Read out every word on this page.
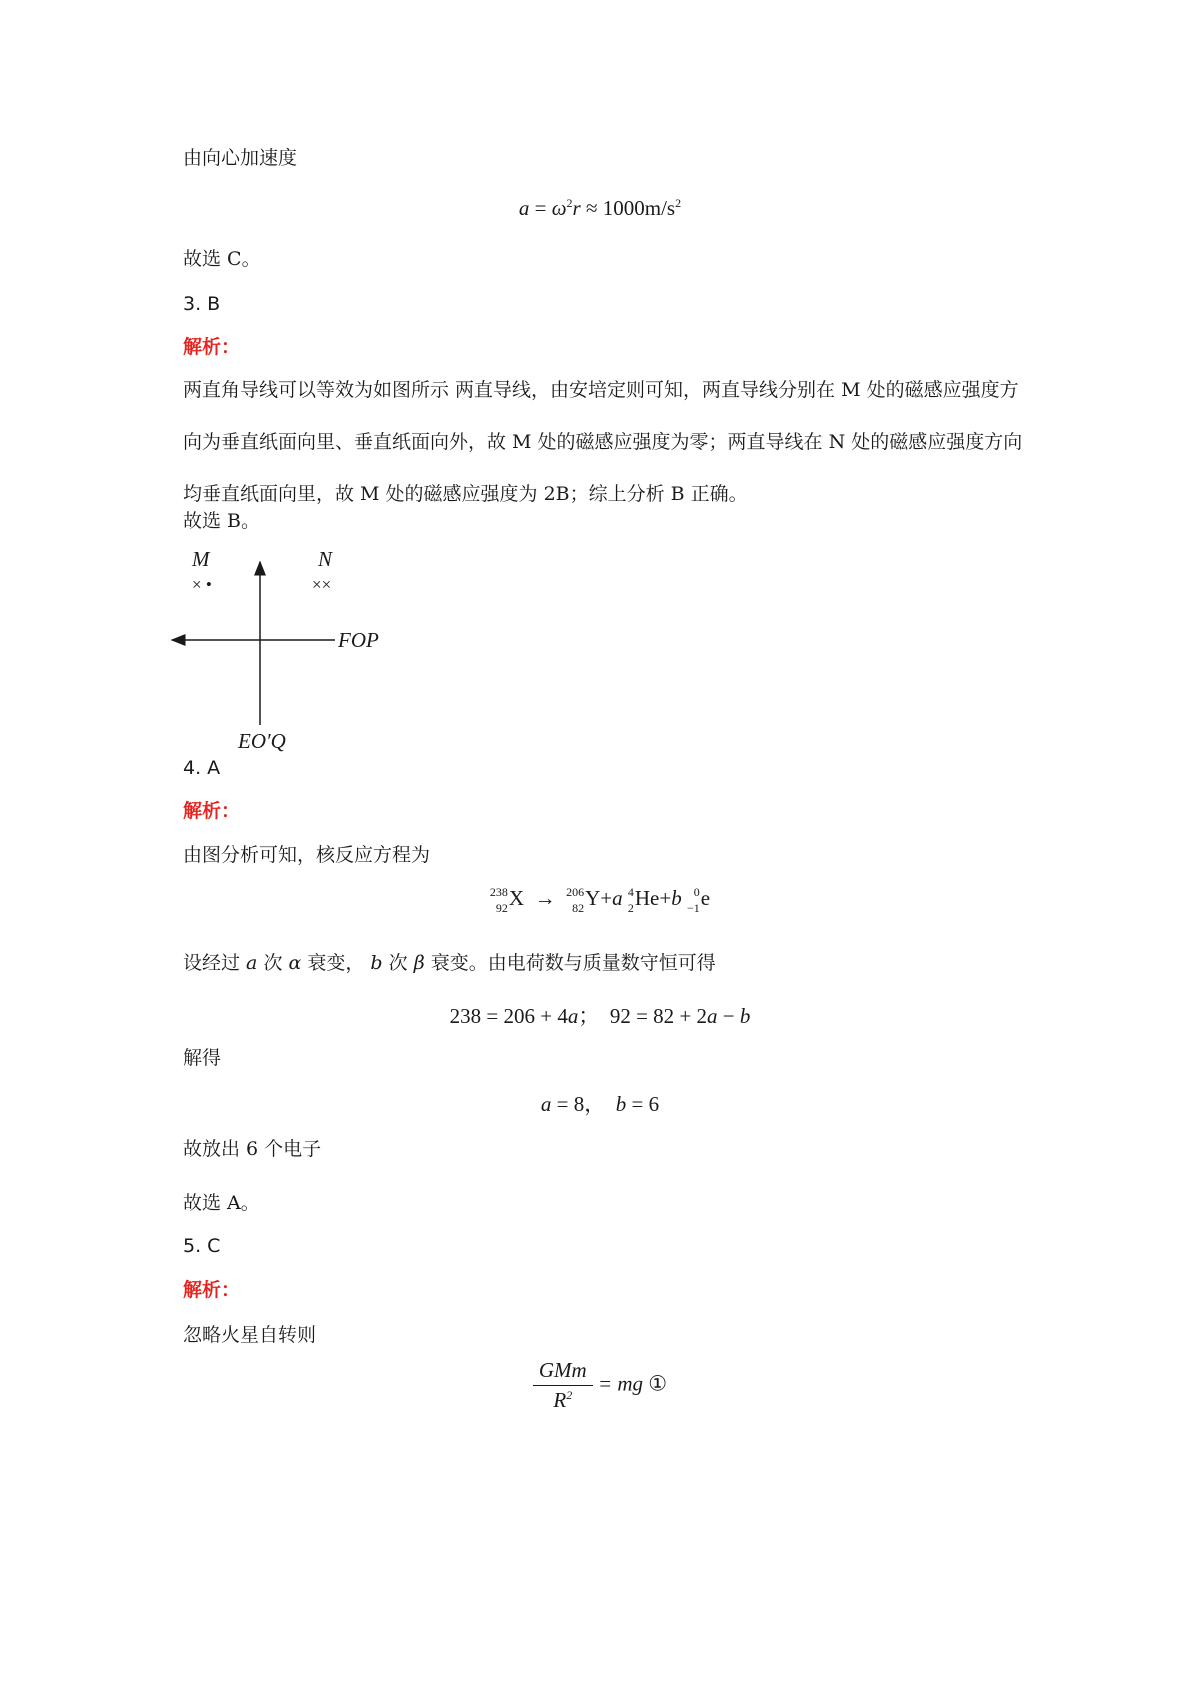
由向心加速度
$a = \omega^2r \approx 1000m/s^2$
故选 C。
3. B
解析：
两直角导线可以等效为如图所示 两直导线，由安培定则可知，两直导线分别在 M 处的磁感应强度方向为垂直纸面向里、垂直纸面向外，故 M 处的磁感应强度为零；两直导线在 N 处的磁感应强度方向均垂直纸面向里，故 M 处的磁感应强度为 2B；综上分析 B 正确。
故选 B。
M	N
× •	××
FOP
EO′Q
4. A
解析：
由图分析可知，核反应方程为
238
92 X  → 206
82 Y+a 4
2 He+b 0
−1 e
设经过 a 次 α 衰变， b 次 β 衰变。由电荷数与质量数守恒可得
238 = 206 + 4a；  92 = 82 + 2a − b
解得
a = 8，  b = 6
故放出 6 个电子
故选 A。
5. C
解析：
忽略火星自转则
$\frac{\text{GMm}}{R^2}$ = mg ①
